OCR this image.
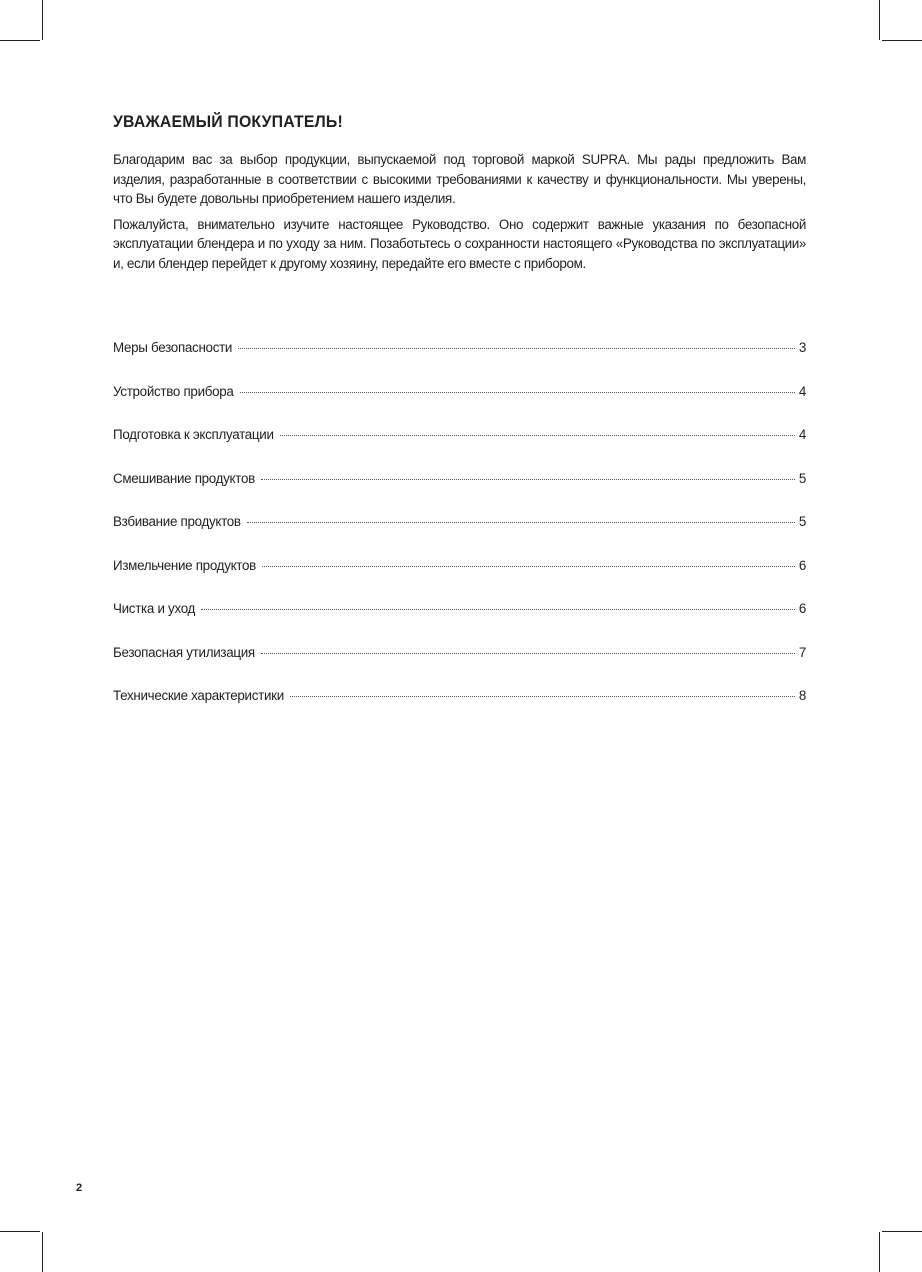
УВАЖАЕМЫЙ ПОКУПАТЕЛЬ!

Благодарим вас за выбор продукции, выпускаемой под торговой маркой SUPRA. Мы рады предложить Вам изделия, разработанные в соответствии с высокими требованиями к качеству и функциональности. Мы уверены, что Вы будете довольны приобретением нашего изделия.

Пожалуйста, внимательно изучите настоящее Руководство. Оно содержит важные указания по безопасной эксплуатации блендера и по уходу за ним. Позаботьтесь о сохранности настоящего «Руководства по эксплуатации» и, если блендер перейдет к другому хозяину, передайте его вместе с прибором.

Меры безопасности	3
Устройство прибора	4
Подготовка к эксплуатации	4
Смешивание продуктов	5
Взбивание продуктов	5
Измельчение продуктов	6
Чистка и уход	6
Безопасная утилизация	7
Технические характеристики	8
2
